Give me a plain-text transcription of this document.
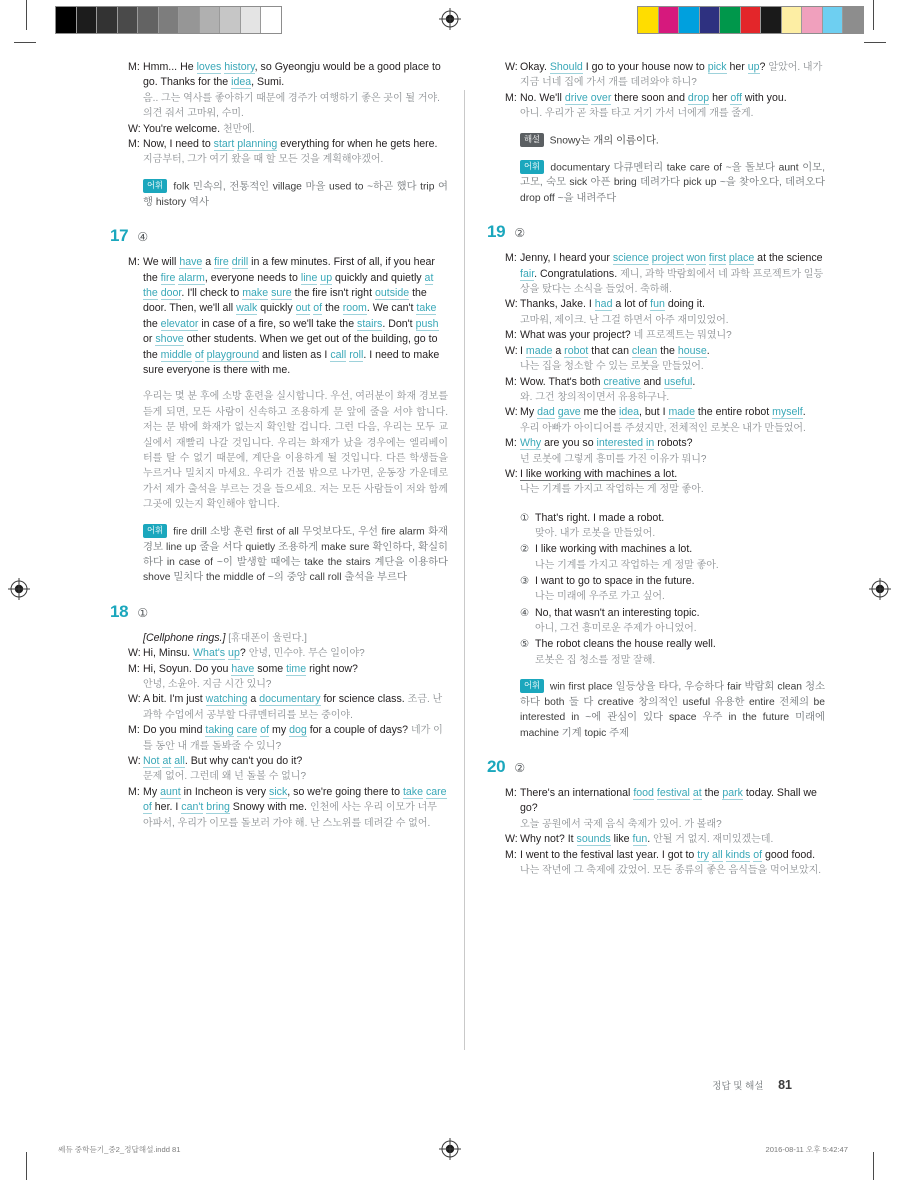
M: Hmm... He loves history, so Gyeongju would be a good place to go. Thanks for the idea, Sumi.
음.. 그는 역사를 좋아하기 때문에 경주가 여행하기 좋은 곳이 될 거야. 의견 줘서 고마워, 수미.
W: You're welcome. 천만에.
M: Now, I need to start planning everything for when he gets here.
지금부터, 그가 여기 왔을 때 할 모든 것을 계획해야겠어.
어휘 folk 민속의, 전통적인 village 마을 used to ~하곤 했다 trip 여행 history 역사
17 ④
M: We will have a fire drill in a few minutes. First of all, if you hear the fire alarm, everyone needs to line up quickly and quietly at the door. I'll check to make sure the fire isn't right outside the door. Then, we'll all walk quickly out of the room. We can't take the elevator in case of a fire, so we'll take the stairs. Don't push or shove other students. When we get out of the building, go to the middle of playground and listen as I call roll. I need to make sure everyone is there with me.
우리는 몇 분 후에 소방 훈련을 실시합니다. 우선, 여러분이 화재 경보를 듣게 되면, 모든 사람이 신속하고 조용하게 문 앞에 줄을 서야 합니다. 저는 문 밖에 화재가 없는지 확인할 겁니다. 그런 다음, 우리는 모두 교실에서 재빨리 나갈 것입니다. 우리는 화재가 났을 경우에는 엘리베이터를 탈 수 없기 때문에, 계단을 이용하게 될 것입니다. 다른 학생들을 누르거나 밀치지 마세요. 우리가 건물 밖으로 나가면, 운동장 가운데로 가서 제가 출석을 부르는 것을 들으세요. 저는 모든 사람들이 저와 함께 그곳에 있는지 확인해야 합니다.
어휘 fire drill 소방 훈련 first of all 무엇보다도, 우선 fire alarm 화재 경보 line up 줄을 서다 quietly 조용하게 make sure 확인하다, 확실히 하다 in case of ~이 발생할 때에는 take the stairs 계단을 이용하다 shove 밀치다 the middle of ~의 중앙 call roll 출석을 부르다
18 ①
[Cellphone rings.] [휴대폰이 울린다.]
W: Hi, Minsu. What's up? 안녕, 민수야. 무슨 일이야?
M: Hi, Soyun. Do you have some time right now?
안녕, 소윤아. 지금 시간 있니?
W: A bit. I'm just watching a documentary for science class. 조금. 난 과학 수업에서 공부할 다큐멘터리를 보는 중이야.
M: Do you mind taking care of my dog for a couple of days? 네가 이틀 동안 내 개를 돌봐줄 수 있니?
W: Not at all. But why can't you do it?
문제 없어. 그런데 왜 넌 돌볼 수 없니?
M: My aunt in Incheon is very sick, so we're going there to take care of her. I can't bring Snowy with me. 인천에 사는 우리 이모가 너무 아파서, 우리가 이모를 돌보러 가야 해. 난 스노위를 데려갈 수 없어.
W: Okay. Should I go to your house now to pick her up? 알았어. 내가 지금 너네 집에 가서 개를 데려와야 하니?
M: No. We'll drive over there soon and drop her off with you.
아니. 우리가 곧 차를 타고 거기 가서 너에게 개를 줄게.
해설 Snowy는 개의 이름이다.
어휘 documentary 다큐멘터리 take care of ~을 돌보다 aunt 이모, 고모, 숙모 sick 아픈 bring 데려가다 pick up ~을 찾아오다, 데려오다 drop off ~을 내려주다
19 ②
M: Jenny, I heard your science project won first place at the science fair. Congratulations. 제니, 과학 박람회에서 네 과학 프로젝트가 일등상을 탔다는 소식을 들었어. 축하해.
W: Thanks, Jake. I had a lot of fun doing it.
고마워, 제이크. 난 그걸 하면서 아주 재미있었어.
M: What was your project? 네 프로젝트는 뭐였니?
W: I made a robot that can clean the house.
나는 집을 청소할 수 있는 로봇을 만들었어.
M: Wow. That's both creative and useful.
와. 그건 창의적이면서 유용하구나.
W: My dad gave me the idea, but I made the entire robot myself.
우리 아빠가 아이디어를 주셨지만, 전체적인 로봇은 내가 만들었어.
M: Why are you so interested in robots?
넌 로봇에 그렇게 흥미를 가진 이유가 뭐니?
W: I like working with machines a lot.
나는 기계를 가지고 작업하는 게 정말 좋아.
① That's right. I made a robot.
맞아. 내가 로봇을 만들었어.
② I like working with machines a lot.
나는 기계를 가지고 작업하는 게 정말 좋아.
③ I want to go to space in the future.
나는 미래에 우주로 가고 싶어.
④ No, that wasn't an interesting topic.
아니, 그건 흥미로운 주제가 아니었어.
⑤ The robot cleans the house really well.
로봇은 집 청소를 정말 잘해.
어휘 win first place 일등상을 타다, 우승하다 fair 박람회 clean 청소하다 both 둘 다 creative 창의적인 useful 유용한 entire 전체의 be interested in ~에 관심이 있다 space 우주 in the future 미래에 machine 기계 topic 주제
20 ②
M: There's an international food festival at the park today. Shall we go?
오늘 공원에서 국제 음식 축제가 있어. 가 볼래?
W: Why not? It sounds like fun. 안될 거 없지. 재미있겠는데.
M: I went to the festival last year. I got to try all kinds of good food. 나는 작년에 그 축제에 갔었어. 모든 종류의 좋은 음식들을 먹어보았지.
정답 및 해설 81
쎄듀 중학듣기_중2_정답해설.indd 81	2016-08-11 오후 5:42:47
